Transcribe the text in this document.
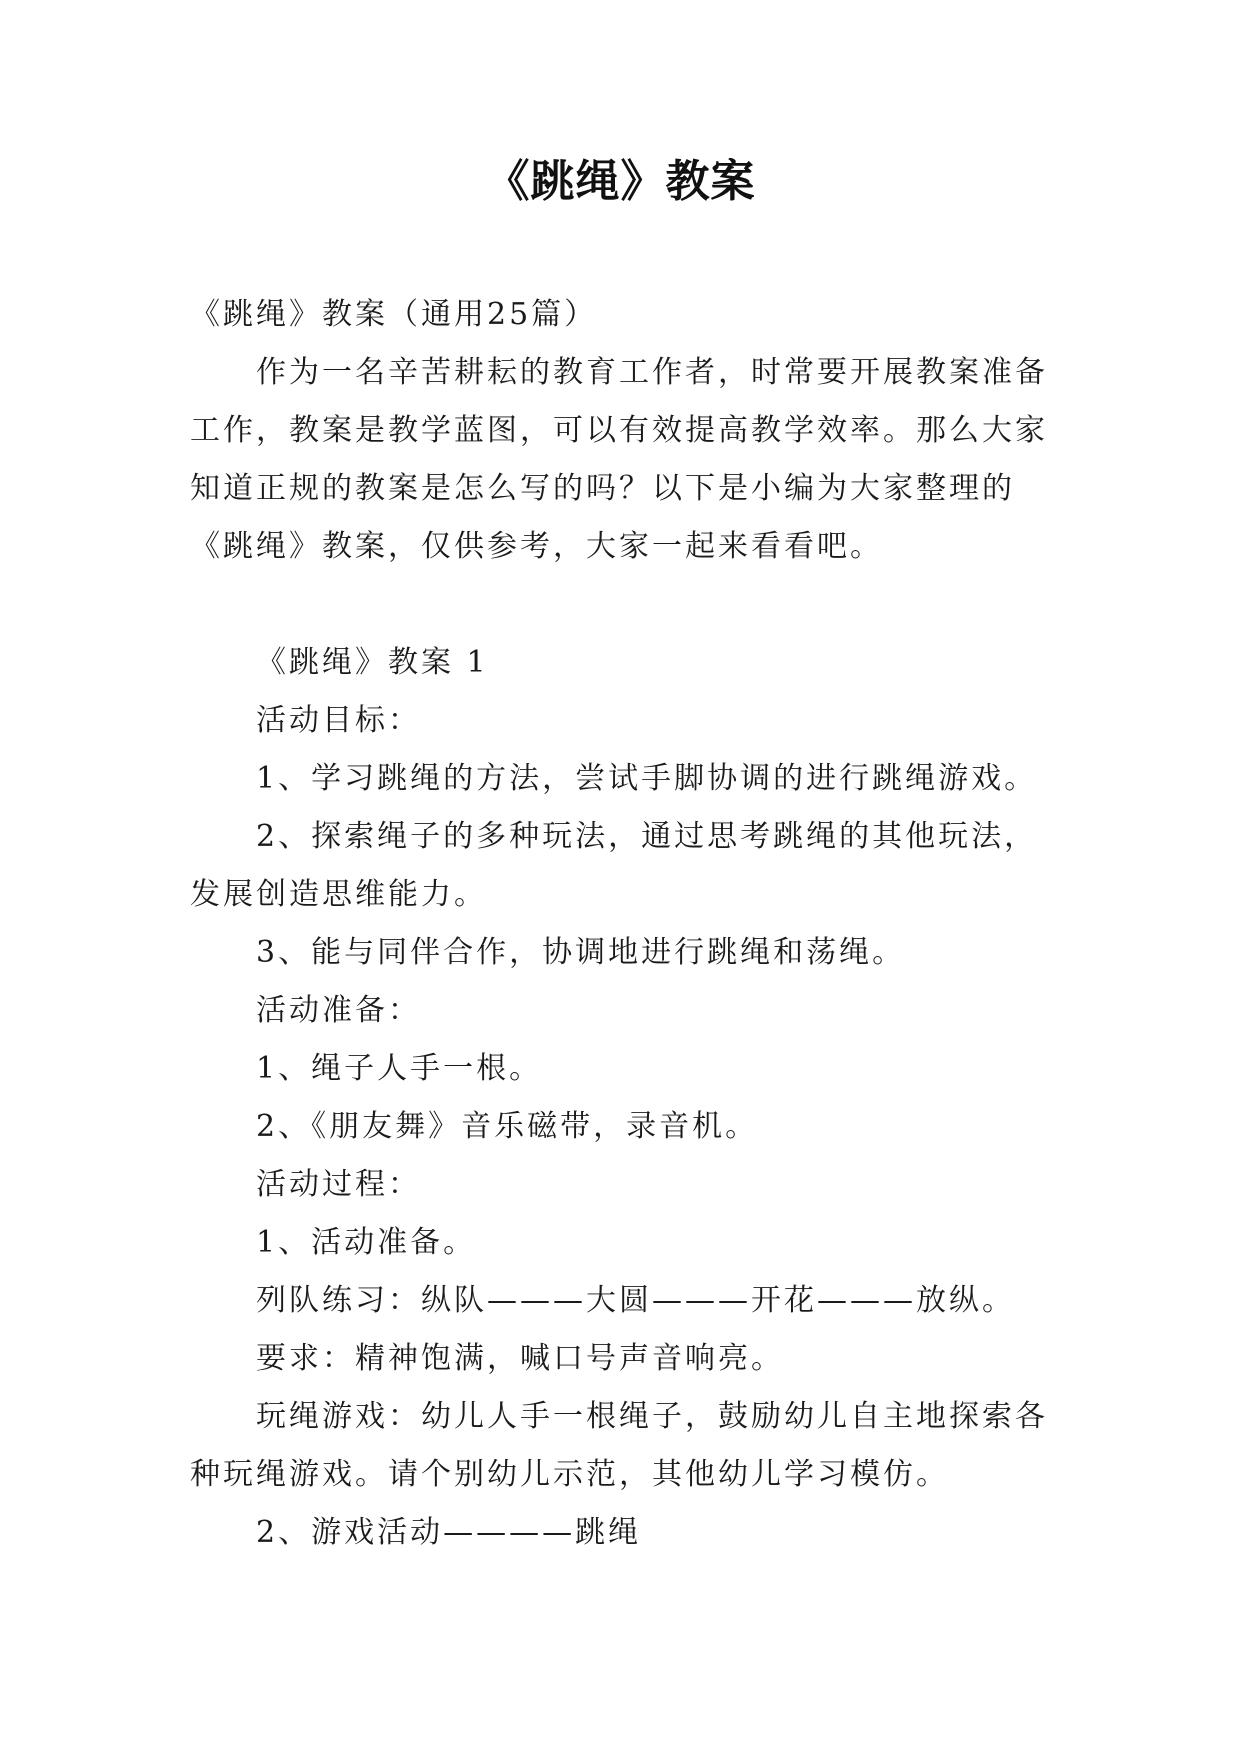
《跳绳》教案

《跳绳》教案（通用25篇）

作为一名辛苦耕耘的教育工作者，时常要开展教案准备工作，教案是教学蓝图，可以有效提高教学效率。那么大家知道正规的教案是怎么写的吗？以下是小编为大家整理的《跳绳》教案，仅供参考，大家一起来看看吧。

《跳绳》教案 1

活动目标：

1、学习跳绳的方法，尝试手脚协调的进行跳绳游戏。

2、探索绳子的多种玩法，通过思考跳绳的其他玩法，发展创造思维能力。

3、能与同伴合作，协调地进行跳绳和荡绳。

活动准备：

1、绳子人手一根。

2、《朋友舞》音乐磁带，录音机。

活动过程：

1、活动准备。

列队练习：纵队———大圆———开花———放纵。

要求：精神饱满，喊口号声音响亮。

玩绳游戏：幼儿人手一根绳子，鼓励幼儿自主地探索各种玩绳游戏。请个别幼儿示范，其他幼儿学习模仿。

2、游戏活动————跳绳
